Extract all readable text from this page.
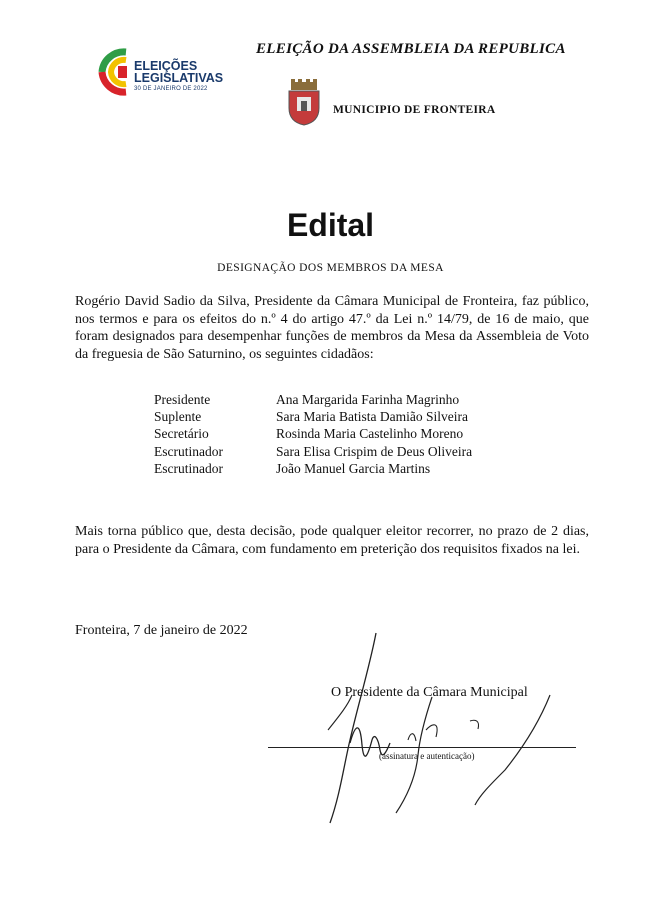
ELEIÇÕES
LEGISLATIVAS
30 DE JANEIRO DE 2022
ELEIÇÃO DA ASSEMBLEIA DA REPUBLICA
MUNICIPIO DE FRONTEIRA
Edital
DESIGNAÇÃO DOS MEMBROS DA MESA
Rogério David Sadio da Silva, Presidente da Câmara Municipal de Fronteira, faz público, nos termos e para os efeitos do n.º 4 do artigo 47.º da Lei n.º 14/79, de 16 de maio, que foram designados para desempenhar funções de membros da Mesa da Assembleia de Voto da freguesia de São Saturnino, os seguintes cidadãos:
Presidente	Ana Margarida Farinha Magrinho
Suplente	Sara Maria Batista Damião Silveira
Secretário	Rosinda Maria Castelinho Moreno
Escrutinador	Sara Elisa Crispim de Deus Oliveira
Escrutinador	João Manuel Garcia Martins
Mais torna público que, desta decisão, pode qualquer eleitor recorrer, no prazo de 2 dias, para o Presidente da Câmara, com fundamento em preterição dos requisitos fixados na lei.
Fronteira, 7 de janeiro de 2022
O Presidente da Câmara Municipal
(assinatura e autenticação)
